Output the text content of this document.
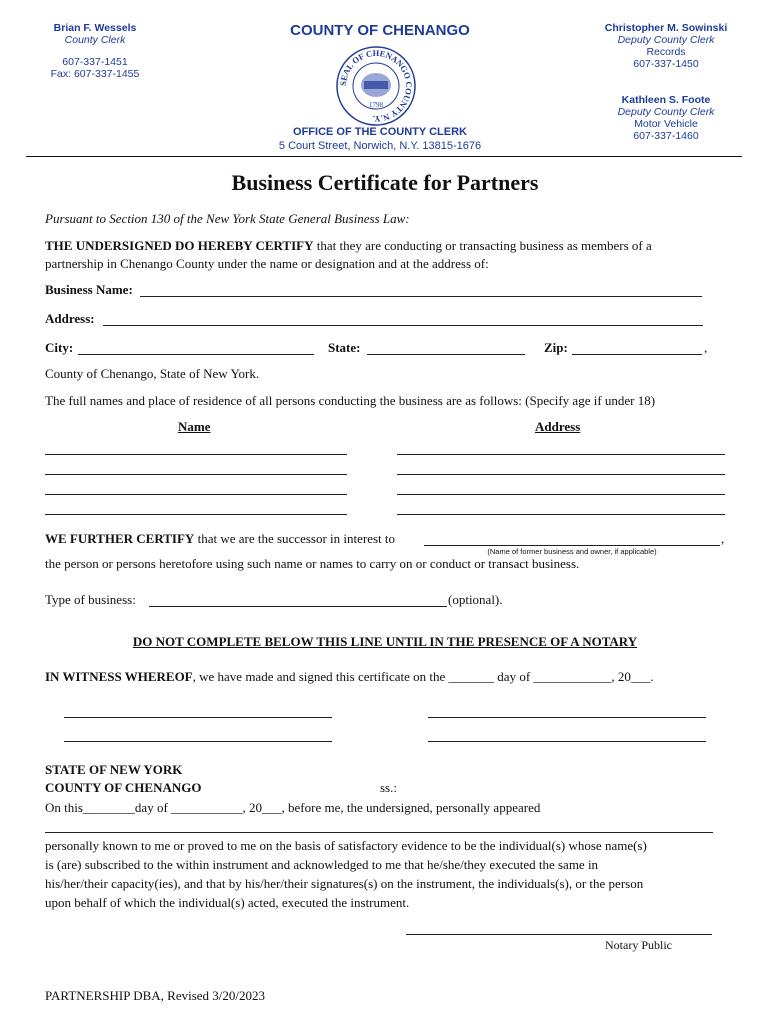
Brian F. Wessels
County Clerk
607-337-1451
Fax: 607-337-1455
COUNTY OF CHENANGO
SEAL OF CHENANGO COUNTY N.Y.
1798
OFFICE OF THE COUNTY CLERK
5 Court Street, Norwich, N.Y. 13815-1676
Christopher M. Sowinski
Deputy County Clerk
Records
607-337-1450
Kathleen S. Foote
Deputy County Clerk
Motor Vehicle
607-337-1460
Business Certificate for Partners
Pursuant to Section 130 of the New York State General Business Law:
THE UNDERSIGNED DO HEREBY CERTIFY that they are conducting or transacting business as members of a
partnership in Chenango County under the name or designation and at the address of:
Business Name:
Address:
City:	State:	Zip:	,
County of Chenango, State of New York.
The full names and place of residence of all persons conducting the business are as follows: (Specify age if under 18)
Name	Address
WE FURTHER CERTIFY that we are the successor in interest to	,
(Name of former business and owner, if applicable)
the person or persons heretofore using such name or names to carry on or conduct or transact business.
Type of business:	(optional).
DO NOT COMPLETE BELOW THIS LINE UNTIL IN THE PRESENCE OF A NOTARY
IN WITNESS WHEREOF, we have made and signed this certificate on the _______ day of ____________, 20___.
STATE OF NEW YORK
COUNTY OF CHENANGO	ss.:
On this________day of ___________, 20___, before me, the undersigned, personally appeared
personally known to me or proved to me on the basis of satisfactory evidence to be the individual(s) whose name(s)
is (are) subscribed to the within instrument and acknowledged to me that he/she/they executed the same in
his/her/their capacity(ies), and that by his/her/their signatures(s) on the instrument, the individuals(s), or the person
upon behalf of which the individual(s) acted, executed the instrument.
Notary Public
PARTNERSHIP DBA, Revised 3/20/2023
